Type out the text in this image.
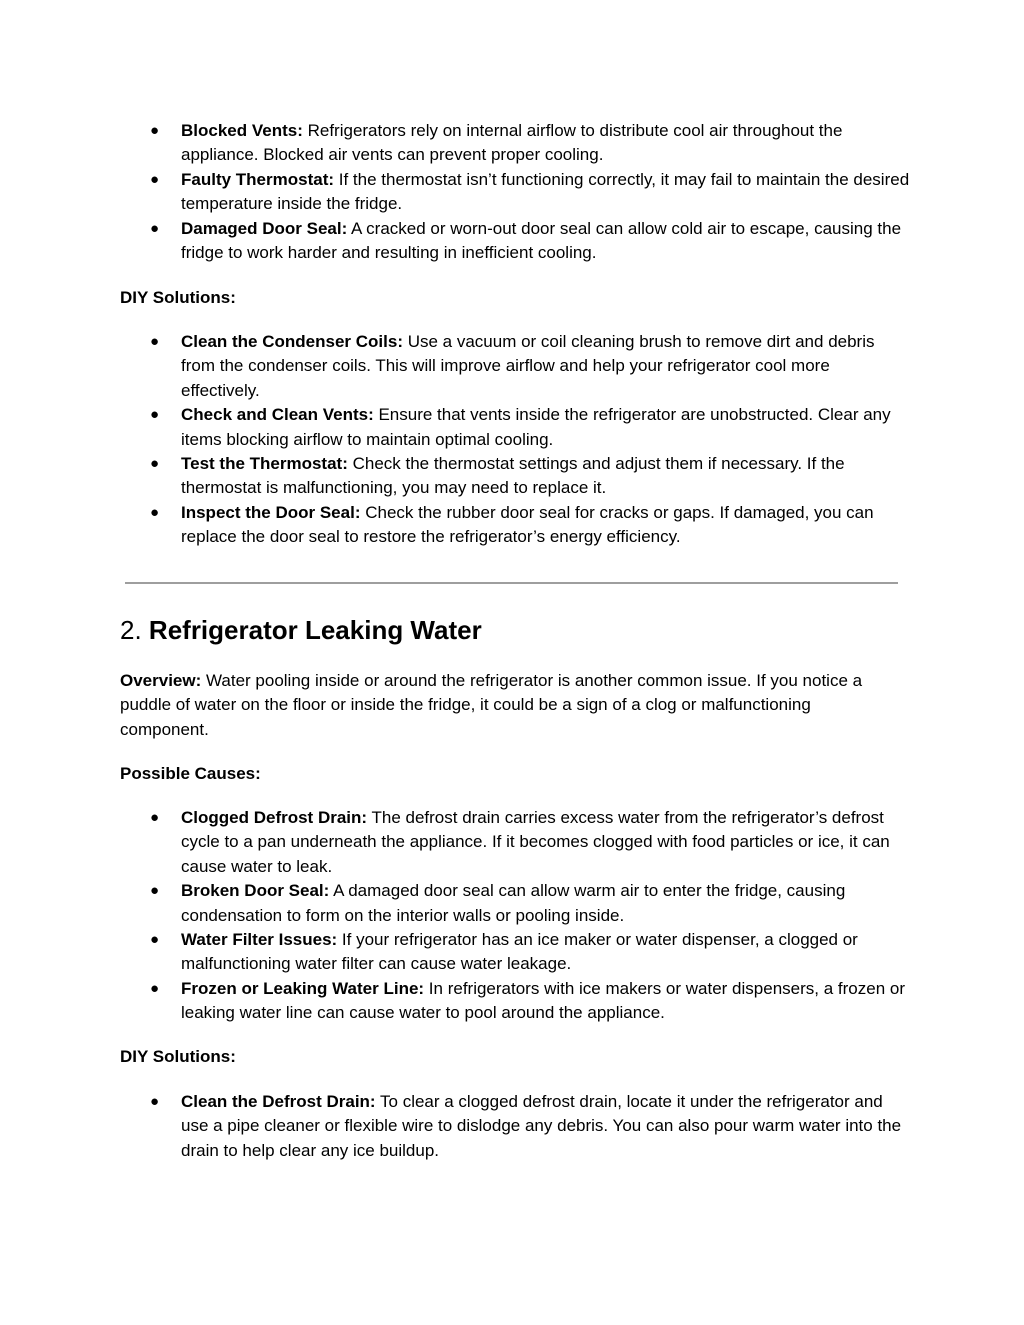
● Blocked Vents: Refrigerators rely on internal airflow to distribute cool air throughout the appliance. Blocked air vents can prevent proper cooling.
● Faulty Thermostat: If the thermostat isn’t functioning correctly, it may fail to maintain the desired temperature inside the fridge.
● Damaged Door Seal: A cracked or worn-out door seal can allow cold air to escape, causing the fridge to work harder and resulting in inefficient cooling.

DIY Solutions:

● Clean the Condenser Coils: Use a vacuum or coil cleaning brush to remove dirt and debris from the condenser coils. This will improve airflow and help your refrigerator cool more effectively.
● Check and Clean Vents: Ensure that vents inside the refrigerator are unobstructed. Clear any items blocking airflow to maintain optimal cooling.
● Test the Thermostat: Check the thermostat settings and adjust them if necessary. If the thermostat is malfunctioning, you may need to replace it.
● Inspect the Door Seal: Check the rubber door seal for cracks or gaps. If damaged, you can replace the door seal to restore the refrigerator’s energy efficiency.
2. Refrigerator Leaking Water

Overview: Water pooling inside or around the refrigerator is another common issue. If you notice a puddle of water on the floor or inside the fridge, it could be a sign of a clog or malfunctioning component.

Possible Causes:

● Clogged Defrost Drain: The defrost drain carries excess water from the refrigerator’s defrost cycle to a pan underneath the appliance. If it becomes clogged with food particles or ice, it can cause water to leak.
● Broken Door Seal: A damaged door seal can allow warm air to enter the fridge, causing condensation to form on the interior walls or pooling inside.
● Water Filter Issues: If your refrigerator has an ice maker or water dispenser, a clogged or malfunctioning water filter can cause water leakage.
● Frozen or Leaking Water Line: In refrigerators with ice makers or water dispensers, a frozen or leaking water line can cause water to pool around the appliance.

DIY Solutions:

● Clean the Defrost Drain: To clear a clogged defrost drain, locate it under the refrigerator and use a pipe cleaner or flexible wire to dislodge any debris. You can also pour warm water into the drain to help clear any ice buildup.
